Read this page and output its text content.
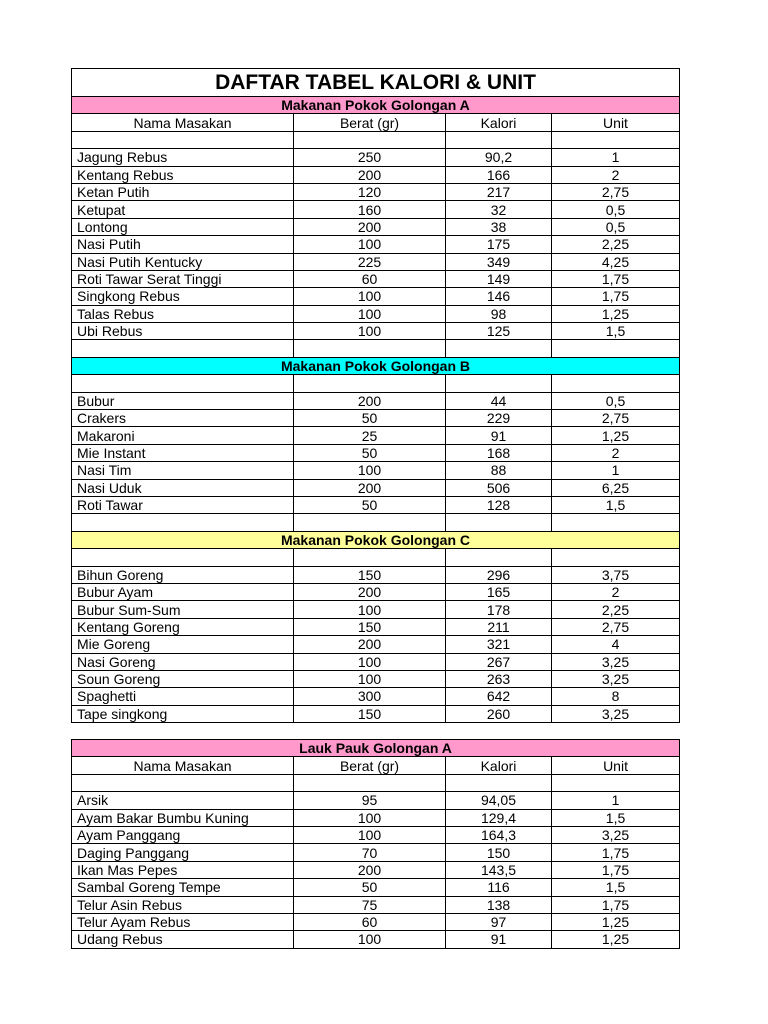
DAFTAR TABEL KALORI & UNIT			
Makanan Pokok Golongan A			
Nama Masakan	Berat (gr)	Kalori	Unit

Jagung Rebus	250	90,2	1
Kentang Rebus	200	166	2
Ketan Putih	120	217	2,75
Ketupat	160	32	0,5
Lontong	200	38	0,5
Nasi Putih	100	175	2,25
Nasi Putih Kentucky	225	349	4,25
Roti Tawar Serat Tinggi	60	149	1,75
Singkong Rebus	100	146	1,75
Talas Rebus	100	98	1,25
Ubi Rebus	100	125	1,5

Makanan Pokok Golongan B			

Bubur	200	44	0,5
Crakers	50	229	2,75
Makaroni	25	91	1,25
Mie Instant	50	168	2
Nasi Tim	100	88	1
Nasi Uduk	200	506	6,25
Roti Tawar	50	128	1,5

Makanan Pokok Golongan C			

Bihun Goreng	150	296	3,75
Bubur Ayam	200	165	2
Bubur Sum-Sum	100	178	2,25
Kentang Goreng	150	211	2,75
Mie Goreng	200	321	4
Nasi Goreng	100	267	3,25
Soun Goreng	100	263	3,25
Spaghetti	300	642	8
Tape singkong	150	260	3,25
Lauk Pauk Golongan A			
Nama Masakan	Berat (gr)	Kalori	Unit

Arsik	95	94,05	1
Ayam Bakar Bumbu Kuning	100	129,4	1,5
Ayam Panggang	100	164,3	3,25
Daging Panggang	70	150	1,75
Ikan Mas Pepes	200	143,5	1,75
Sambal Goreng Tempe	50	116	1,5
Telur Asin Rebus	75	138	1,75
Telur Ayam Rebus	60	97	1,25
Udang Rebus	100	91	1,25
